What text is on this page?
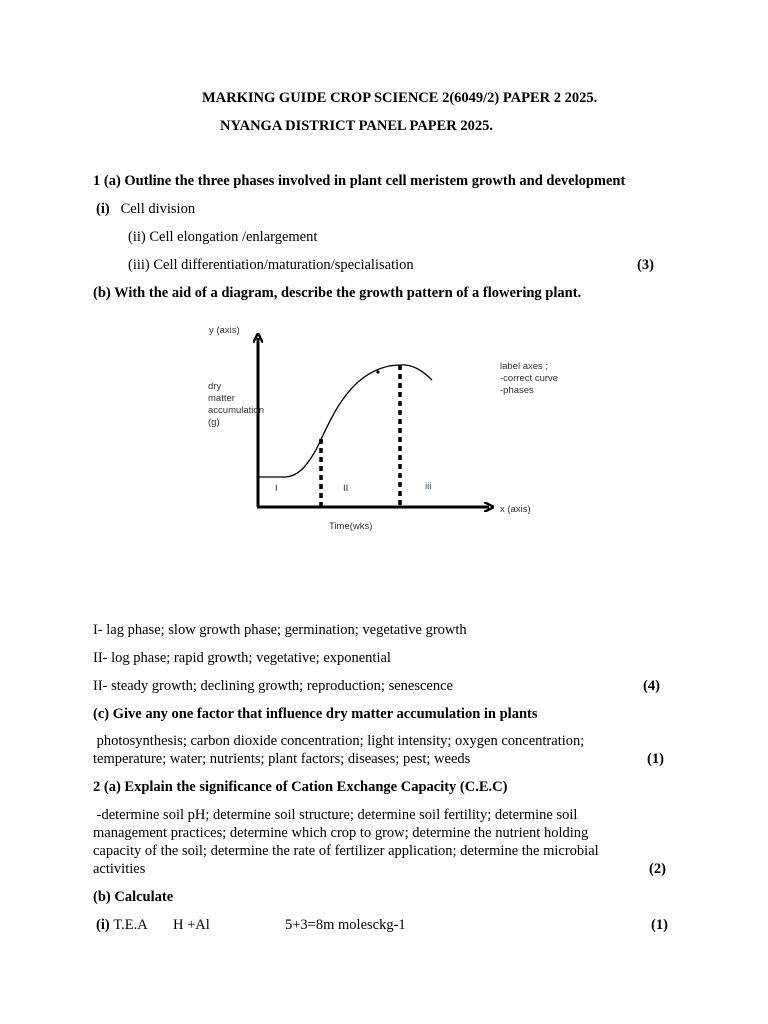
MARKING GUIDE CROP SCIENCE 2(6049/2) PAPER 2 2025.
NYANGA DISTRICT PANEL PAPER 2025.
1 (a) Outline the three phases involved in plant cell meristem growth and development
(i) Cell division
(ii) Cell elongation /enlargement
(iii) Cell differentiation/maturation/specialisation	(3)
(b) With the aid of a diagram, describe the growth pattern of a flowering plant.
y (axis)
dry
matter
accumulation
(g)
x (axis)
Time(wks)
I	II	iii
label axes ;
-correct curve
-phases
I- lag phase; slow growth phase; germination; vegetative growth
II- log phase; rapid growth; vegetative; exponential
II- steady growth; declining growth; reproduction; senescence	(4)
(c) Give any one factor that influence dry matter accumulation in plants
photosynthesis; carbon dioxide concentration; light intensity; oxygen concentration;
temperature; water; nutrients; plant factors; diseases; pest; weeds	(1)
2 (a) Explain the significance of Cation Exchange Capacity (C.E.C)
-determine soil pH; determine soil structure; determine soil fertility; determine soil
management practices; determine which crop to grow; determine the nutrient holding
capacity of the soil; determine the rate of fertilizer application; determine the microbial
activities	(2)
(b) Calculate
(i) T.E.A H +Al	5+3=8m molesckg-1	(1)
